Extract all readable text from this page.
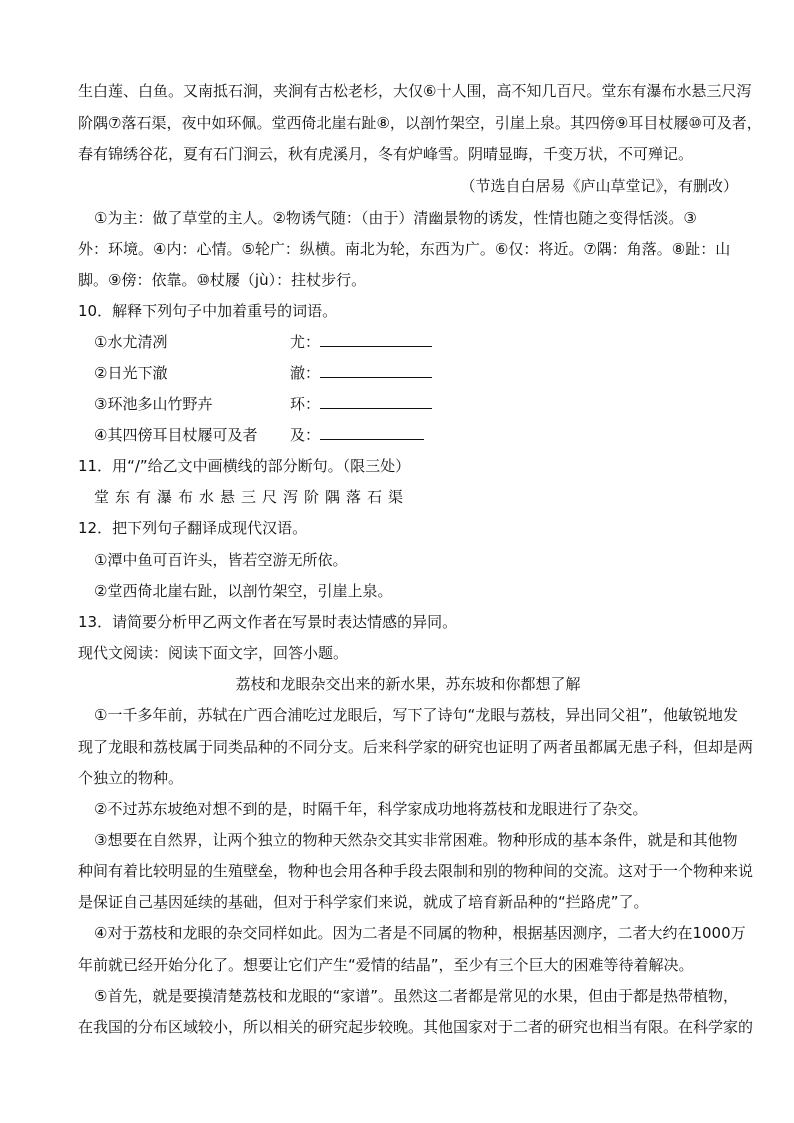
生白莲、白鱼。又南抵石涧，夹涧有古松老杉，大仅⑥十人围，高不知几百尺。堂东有瀑布水悬三尺泻
阶隅⑦落石渠，夜中如环佩。堂西倚北崖右趾⑧，以剖竹架空，引崖上泉。其四傍⑨耳目杖屦⑩可及者，
春有锦绣谷花，夏有石门涧云，秋有虎溪月，冬有炉峰雪。阴晴显晦，千变万状，不可殚记。
（节选自白居易《庐山草堂记》，有删改）
①为主：做了草堂的主人。②物诱气随：（由于）清幽景物的诱发，性情也随之变得恬淡。③
外：环境。④内：心情。⑤轮广：纵横。南北为轮，东西为广。⑥仅：将近。⑦隅：角落。⑧趾：山
脚。⑨傍：依靠。⑩杖屦（jù）：拄杖步行。
10．解释下列句子中加着重号的词语。
①水尤清冽	尤：
②日光下澈	澈：
③环池多山竹野卉	环：
④其四傍耳目杖屦可及者	及：
11．用“/”给乙文中画横线的部分断句。（限三处）
堂东有瀑布水悬三尺泻阶隅落石渠
12．把下列句子翻译成现代汉语。
①潭中鱼可百许头，皆若空游无所依。
②堂西倚北崖右趾，以剖竹架空，引崖上泉。
13．请简要分析甲乙两文作者在写景时表达情感的异同。
现代文阅读：阅读下面文字，回答小题。
荔枝和龙眼杂交出来的新水果，苏东坡和你都想了解
①一千多年前，苏轼在广西合浦吃过龙眼后，写下了诗句“龙眼与荔枝，异出同父祖”，他敏锐地发
现了龙眼和荔枝属于同类品种的不同分支。后来科学家的研究也证明了两者虽都属无患子科，但却是两
个独立的物种。
②不过苏东坡绝对想不到的是，时隔千年，科学家成功地将荔枝和龙眼进行了杂交。
③想要在自然界，让两个独立的物种天然杂交其实非常困难。物种形成的基本条件，就是和其他物
种间有着比较明显的生殖壁垒，物种也会用各种手段去限制和别的物种间的交流。这对于一个物种来说
是保证自己基因延续的基础，但对于科学家们来说，就成了培育新品种的“拦路虎”了。
④对于荔枝和龙眼的杂交同样如此。因为二者是不同属的物种，根据基因测序，二者大约在1000万
年前就已经开始分化了。想要让它们产生“爱情的结晶”，至少有三个巨大的困难等待着解决。
⑤首先，就是要摸清楚荔枝和龙眼的“家谱”。虽然这二者都是常见的水果，但由于都是热带植物，
在我国的分布区域较小，所以相关的研究起步较晚。其他国家对于二者的研究也相当有限。在科学家的
